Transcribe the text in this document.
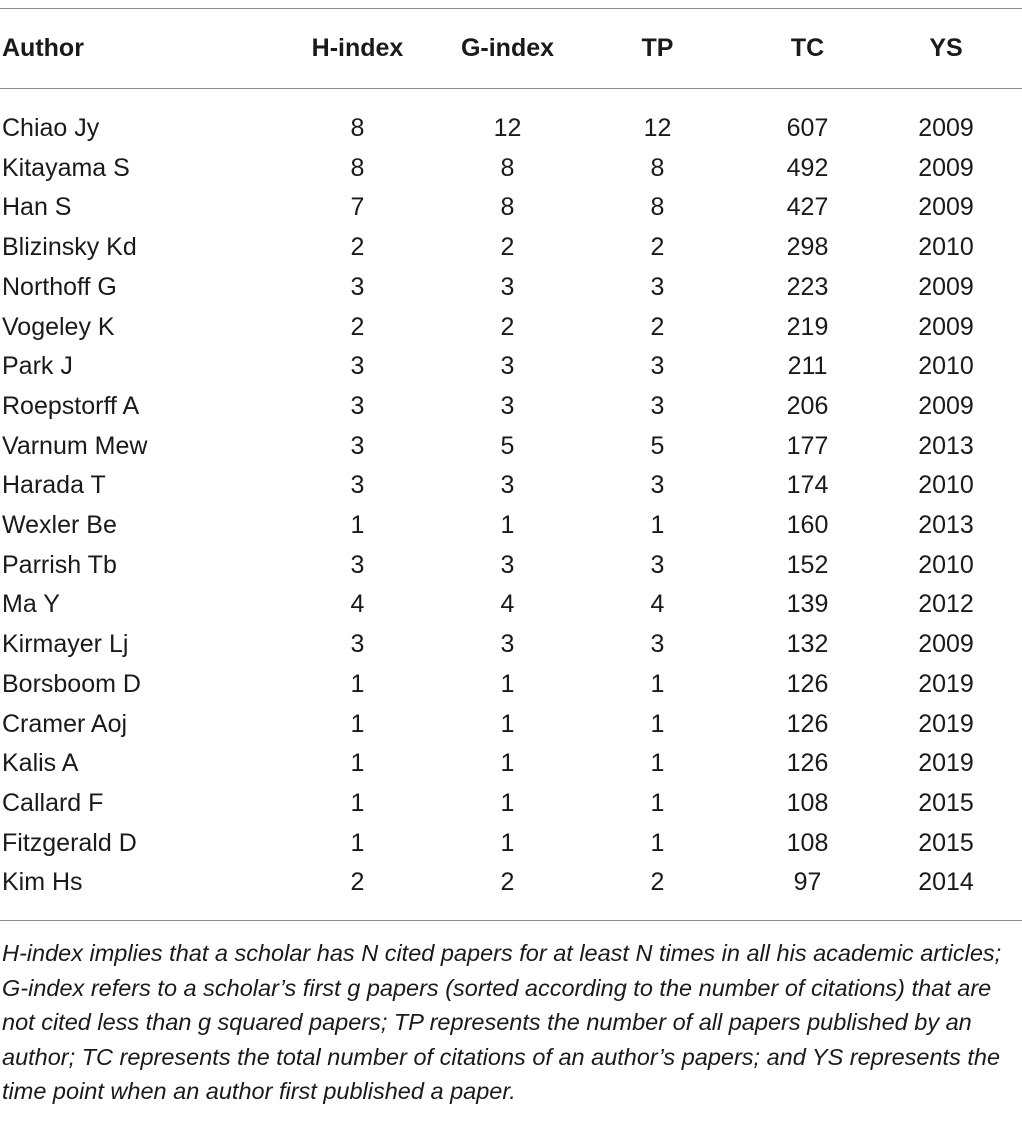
Author	H-index	G-index	TP	TC	YS
Chiao Jy	8	12	12	607	2009
Kitayama S	8	8	8	492	2009
Han S	7	8	8	427	2009
Blizinsky Kd	2	2	2	298	2010
Northoff G	3	3	3	223	2009
Vogeley K	2	2	2	219	2009
Park J	3	3	3	211	2010
Roepstorff A	3	3	3	206	2009
Varnum Mew	3	5	5	177	2013
Harada T	3	3	3	174	2010
Wexler Be	1	1	1	160	2013
Parrish Tb	3	3	3	152	2010
Ma Y	4	4	4	139	2012
Kirmayer Lj	3	3	3	132	2009
Borsboom D	1	1	1	126	2019
Cramer Aoj	1	1	1	126	2019
Kalis A	1	1	1	126	2019
Callard F	1	1	1	108	2015
Fitzgerald D	1	1	1	108	2015
Kim Hs	2	2	2	97	2014
H-index implies that a scholar has N cited papers for at least N times in all his academic articles; G-index refers to a scholar’s first g papers (sorted according to the number of citations) that are not cited less than g squared papers; TP represents the number of all papers published by an author; TC represents the total number of citations of an author’s papers; and YS represents the time point when an author first published a paper.
